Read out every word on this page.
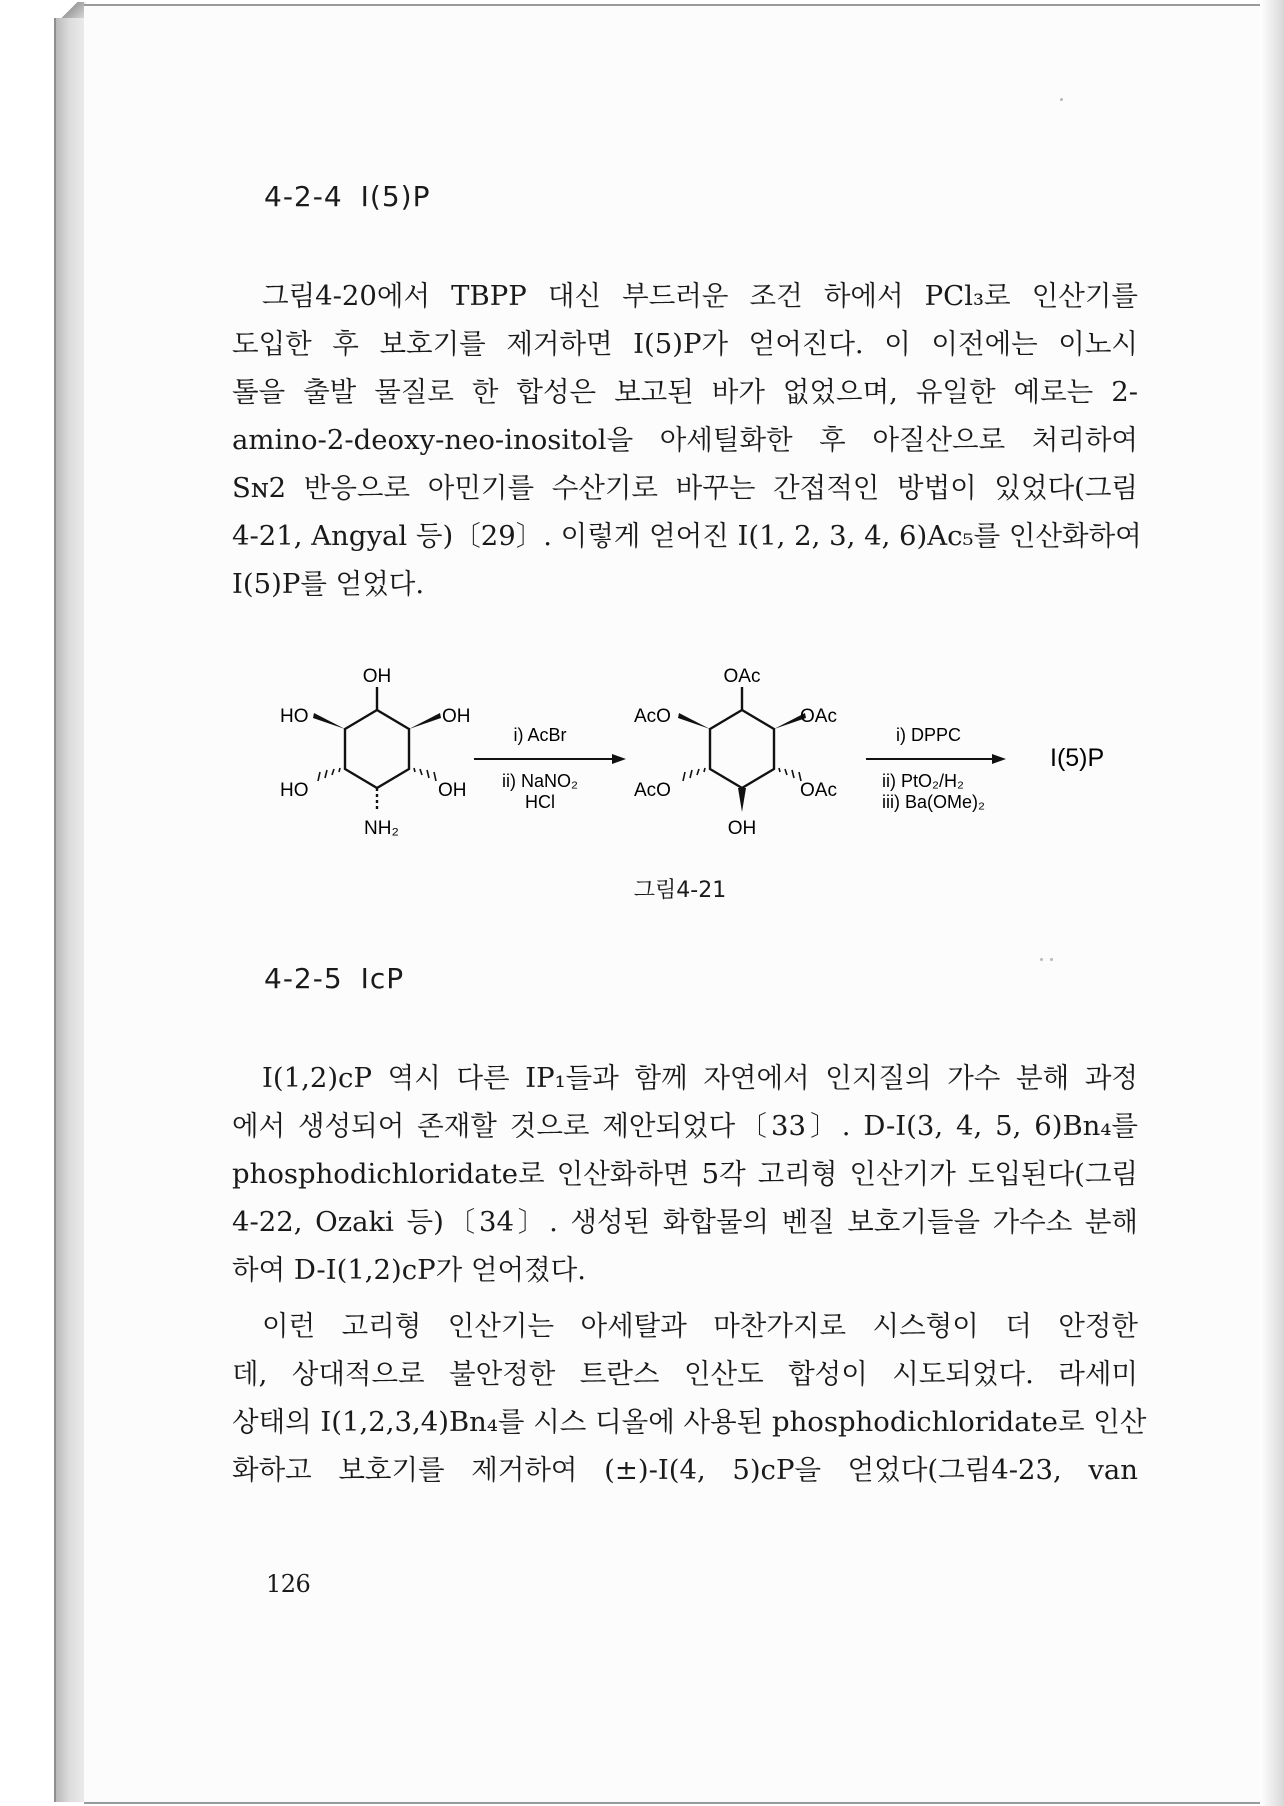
4-2-4 I(5)P
그림4-20에서 TBPP 대신 부드러운 조건 하에서 PCl₃로 인산기를
도입한 후 보호기를 제거하면 I(5)P가 얻어진다. 이 이전에는 이노시
톨을 출발 물질로 한 합성은 보고된 바가 없었으며, 유일한 예로는 2-
amino-2-deoxy-neo-inositol을 아세틸화한 후 아질산으로 처리하여
Sɴ2 반응으로 아민기를 수산기로 바꾸는 간접적인 방법이 있었다(그림
4-21, Angyal 등)〔29〕. 이렇게 얻어진 I(1, 2, 3, 4, 6)Ac₅를 인산화하여
I(5)P를 얻었다.
OH
HO	OH
HO	OH
NH₂
i) AcBr
ii) NaNO₂
HCl
OAc
AcO	OAc
AcO	OAc
OH
i) DPPC
ii) PtO₂/H₂
iii) Ba(OMe)₂
I(5)P
그림4-21
4-2-5 IcP
I(1,2)cP 역시 다른 IP₁들과 함께 자연에서 인지질의 가수 분해 과정
에서 생성되어 존재할 것으로 제안되었다〔33〕. D-I(3, 4, 5, 6)Bn₄를
phosphodichloridate로 인산화하면 5각 고리형 인산기가 도입된다(그림
4-22, Ozaki 등)〔34〕. 생성된 화합물의 벤질 보호기들을 가수소 분해
하여 D-I(1,2)cP가 얻어졌다.
이런 고리형 인산기는 아세탈과 마찬가지로 시스형이 더 안정한
데, 상대적으로 불안정한 트란스 인산도 합성이 시도되었다. 라세미
상태의 I(1,2,3,4)Bn₄를 시스 디올에 사용된 phosphodichloridate로 인산
화하고 보호기를 제거하여 (±)-I(4, 5)cP을 얻었다(그림4-23, van
126
